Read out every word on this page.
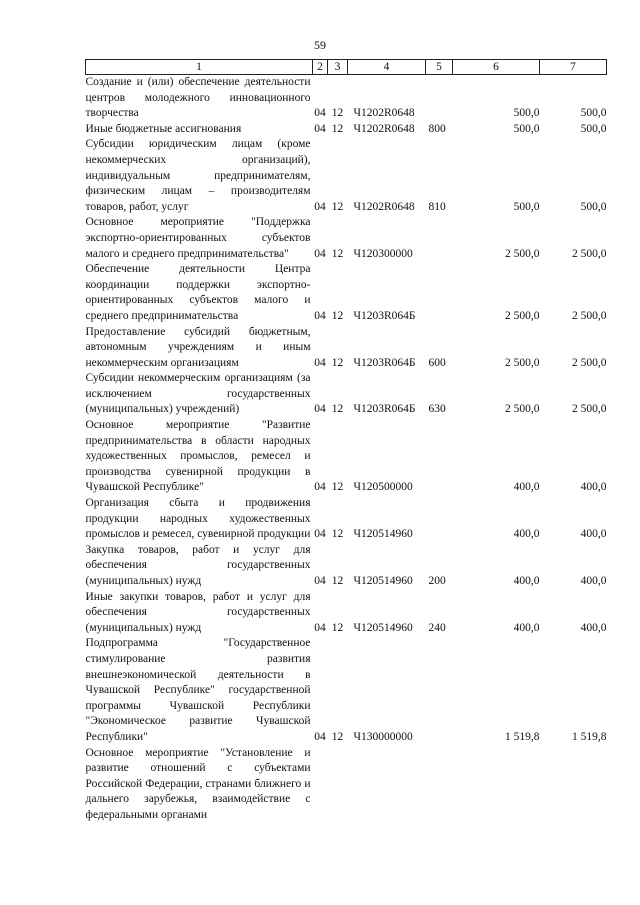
59
1	2	3	4	5	6	7
Создание и (или) обеспечение деятельности центров молодежного инновационного творчества	04	12	Ч1202R0648		500,0	500,0
Иные бюджетные ассигнования	04	12	Ч1202R0648	800	500,0	500,0
Субсидии юридическим лицам (кроме некоммерческих организаций), индивидуальным предпринимателям, физическим лицам – производителям товаров, работ, услуг	04	12	Ч1202R0648	810	500,0	500,0
Основное мероприятие "Поддержка экспортно-ориентированных субъектов малого и среднего предпринимательства"	04	12	Ч120300000		2 500,0	2 500,0
Обеспечение деятельности Центра координации поддержки экспортно-ориентированных субъектов малого и среднего предпринимательства	04	12	Ч1203R064Б		2 500,0	2 500,0
Предоставление субсидий бюджетным, автономным учреждениям и иным некоммерческим организациям	04	12	Ч1203R064Б	600	2 500,0	2 500,0
Субсидии некоммерческим организациям (за исключением государственных (муниципальных) учреждений)	04	12	Ч1203R064Б	630	2 500,0	2 500,0
Основное мероприятие "Развитие предпринимательства в области народных художественных промыслов, ремесел и производства сувенирной продукции в Чувашской Республике"	04	12	Ч120500000		400,0	400,0
Организация сбыта и продвижения продукции народных художественных промыслов и ремесел, сувенирной продукции	04	12	Ч120514960		400,0	400,0
Закупка товаров, работ и услуг для обеспечения государственных (муниципальных) нужд	04	12	Ч120514960	200	400,0	400,0
Иные закупки товаров, работ и услуг для обеспечения государственных (муниципальных) нужд	04	12	Ч120514960	240	400,0	400,0
Подпрограмма "Государственное стимулирование развития внешнеэкономической деятельности в Чувашской Республике" государственной программы Чувашской Республики "Экономическое развитие Чувашской Республики"	04	12	Ч130000000		1 519,8	1 519,8
Основное мероприятие "Установление и развитие отношений с субъектами Российской Федерации, странами ближнего и дальнего зарубежья, взаимодействие с федеральными органами						
